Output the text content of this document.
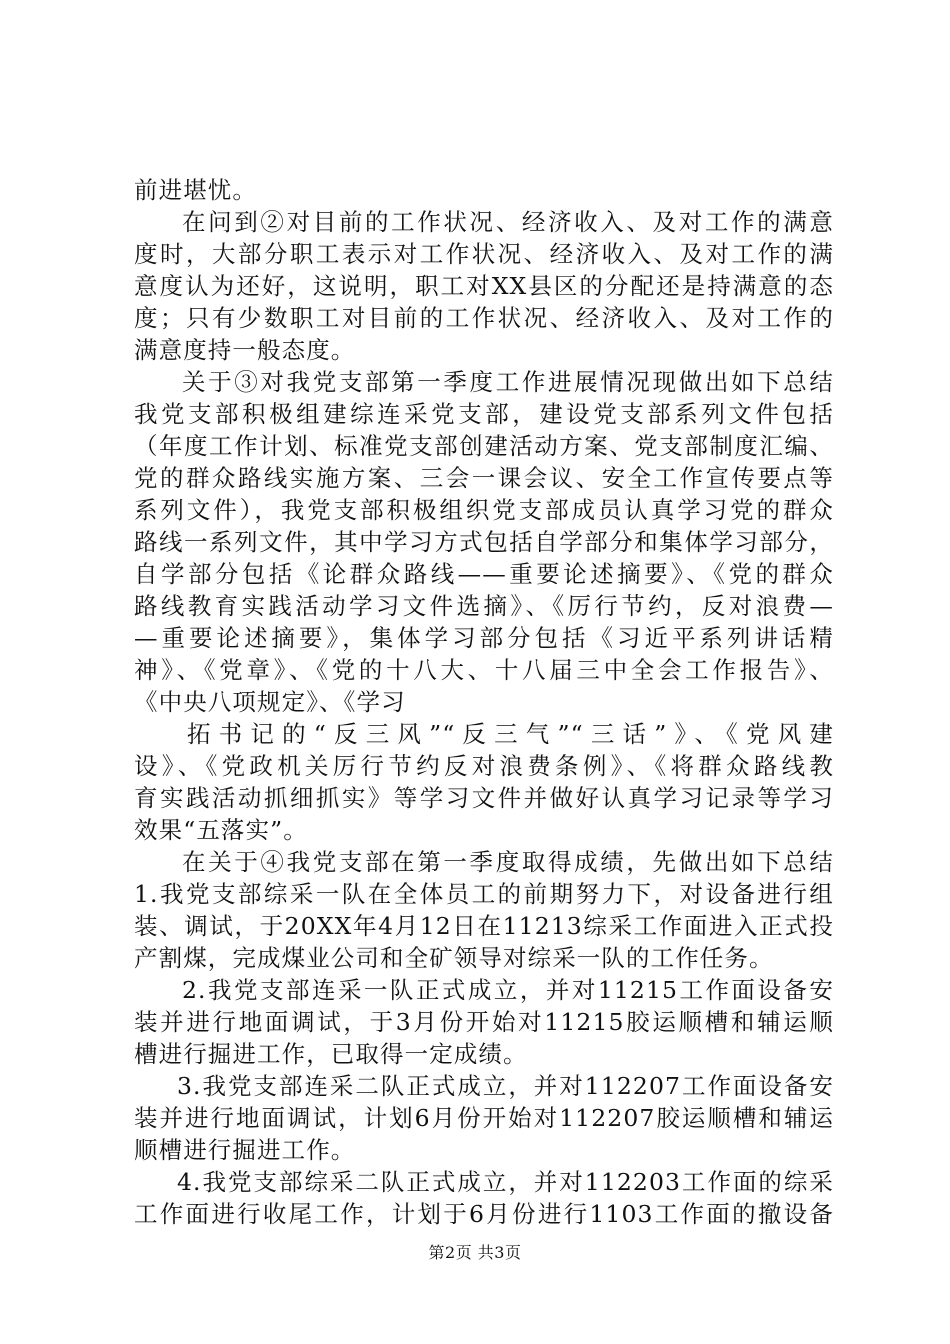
前进堪忧。
在问到②对目前的工作状况、经济收入、及对工作的满意
度时，大部分职工表示对工作状况、经济收入、及对工作的满
意度认为还好，这说明，职工对XX县区的分配还是持满意的态
度；只有少数职工对目前的工作状况、经济收入、及对工作的
满意度持一般态度。
关于③对我党支部第一季度工作进展情况现做出如下总结
我党支部积极组建综连采党支部，建设党支部系列文件包括
（年度工作计划、标准党支部创建活动方案、党支部制度汇编、
党的群众路线实施方案、三会一课会议、安全工作宣传要点等
系列文件），我党支部积极组织党支部成员认真学习党的群众
路线一系列文件，其中学习方式包括自学部分和集体学习部分，
自学部分包括《论群众路线——重要论述摘要》、《党的群众
路线教育实践活动学习文件选摘》、《厉行节约，反对浪费—
—重要论述摘要》，集体学习部分包括《习近平系列讲话精
神》、《党章》、《党的十八大、十八届三中全会工作报告》、
《中央八项规定》、《学习
拓书记的“反三风”“反三气”“三话”》、《党风建
设》、《党政机关厉行节约反对浪费条例》、《将群众路线教
育实践活动抓细抓实》等学习文件并做好认真学习记录等学习
效果“五落实”。
在关于④我党支部在第一季度取得成绩，先做出如下总结
1.我党支部综采一队在全体员工的前期努力下，对设备进行组
装、调试，于20XX年4月12日在11213综采工作面进入正式投
产割煤，完成煤业公司和全矿领导对综采一队的工作任务。
2.我党支部连采一队正式成立，并对11215工作面设备安
装并进行地面调试，于3月份开始对11215胶运顺槽和辅运顺
槽进行掘进工作，已取得一定成绩。
3.我党支部连采二队正式成立，并对112207工作面设备安
装并进行地面调试，计划6月份开始对112207胶运顺槽和辅运
顺槽进行掘进工作。
4.我党支部综采二队正式成立，并对112203工作面的综采
工作面进行收尾工作，计划于6月份进行1103工作面的撤设备
第2页 共3页
